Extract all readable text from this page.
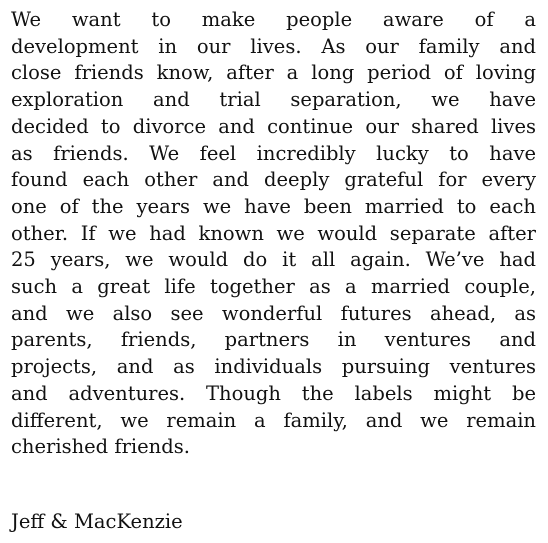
We want to make people aware of a
development in our lives. As our family and
close friends know, after a long period of loving
exploration and trial separation, we have
decided to divorce and continue our shared lives
as friends. We feel incredibly lucky to have
found each other and deeply grateful for every
one of the years we have been married to each
other. If we had known we would separate after
25 years, we would do it all again. We’ve had
such a great life together as a married couple,
and we also see wonderful futures ahead, as
parents, friends, partners in ventures and
projects, and as individuals pursuing ventures
and adventures. Though the labels might be
different, we remain a family, and we remain
cherished friends.

Jeff & MacKenzie
